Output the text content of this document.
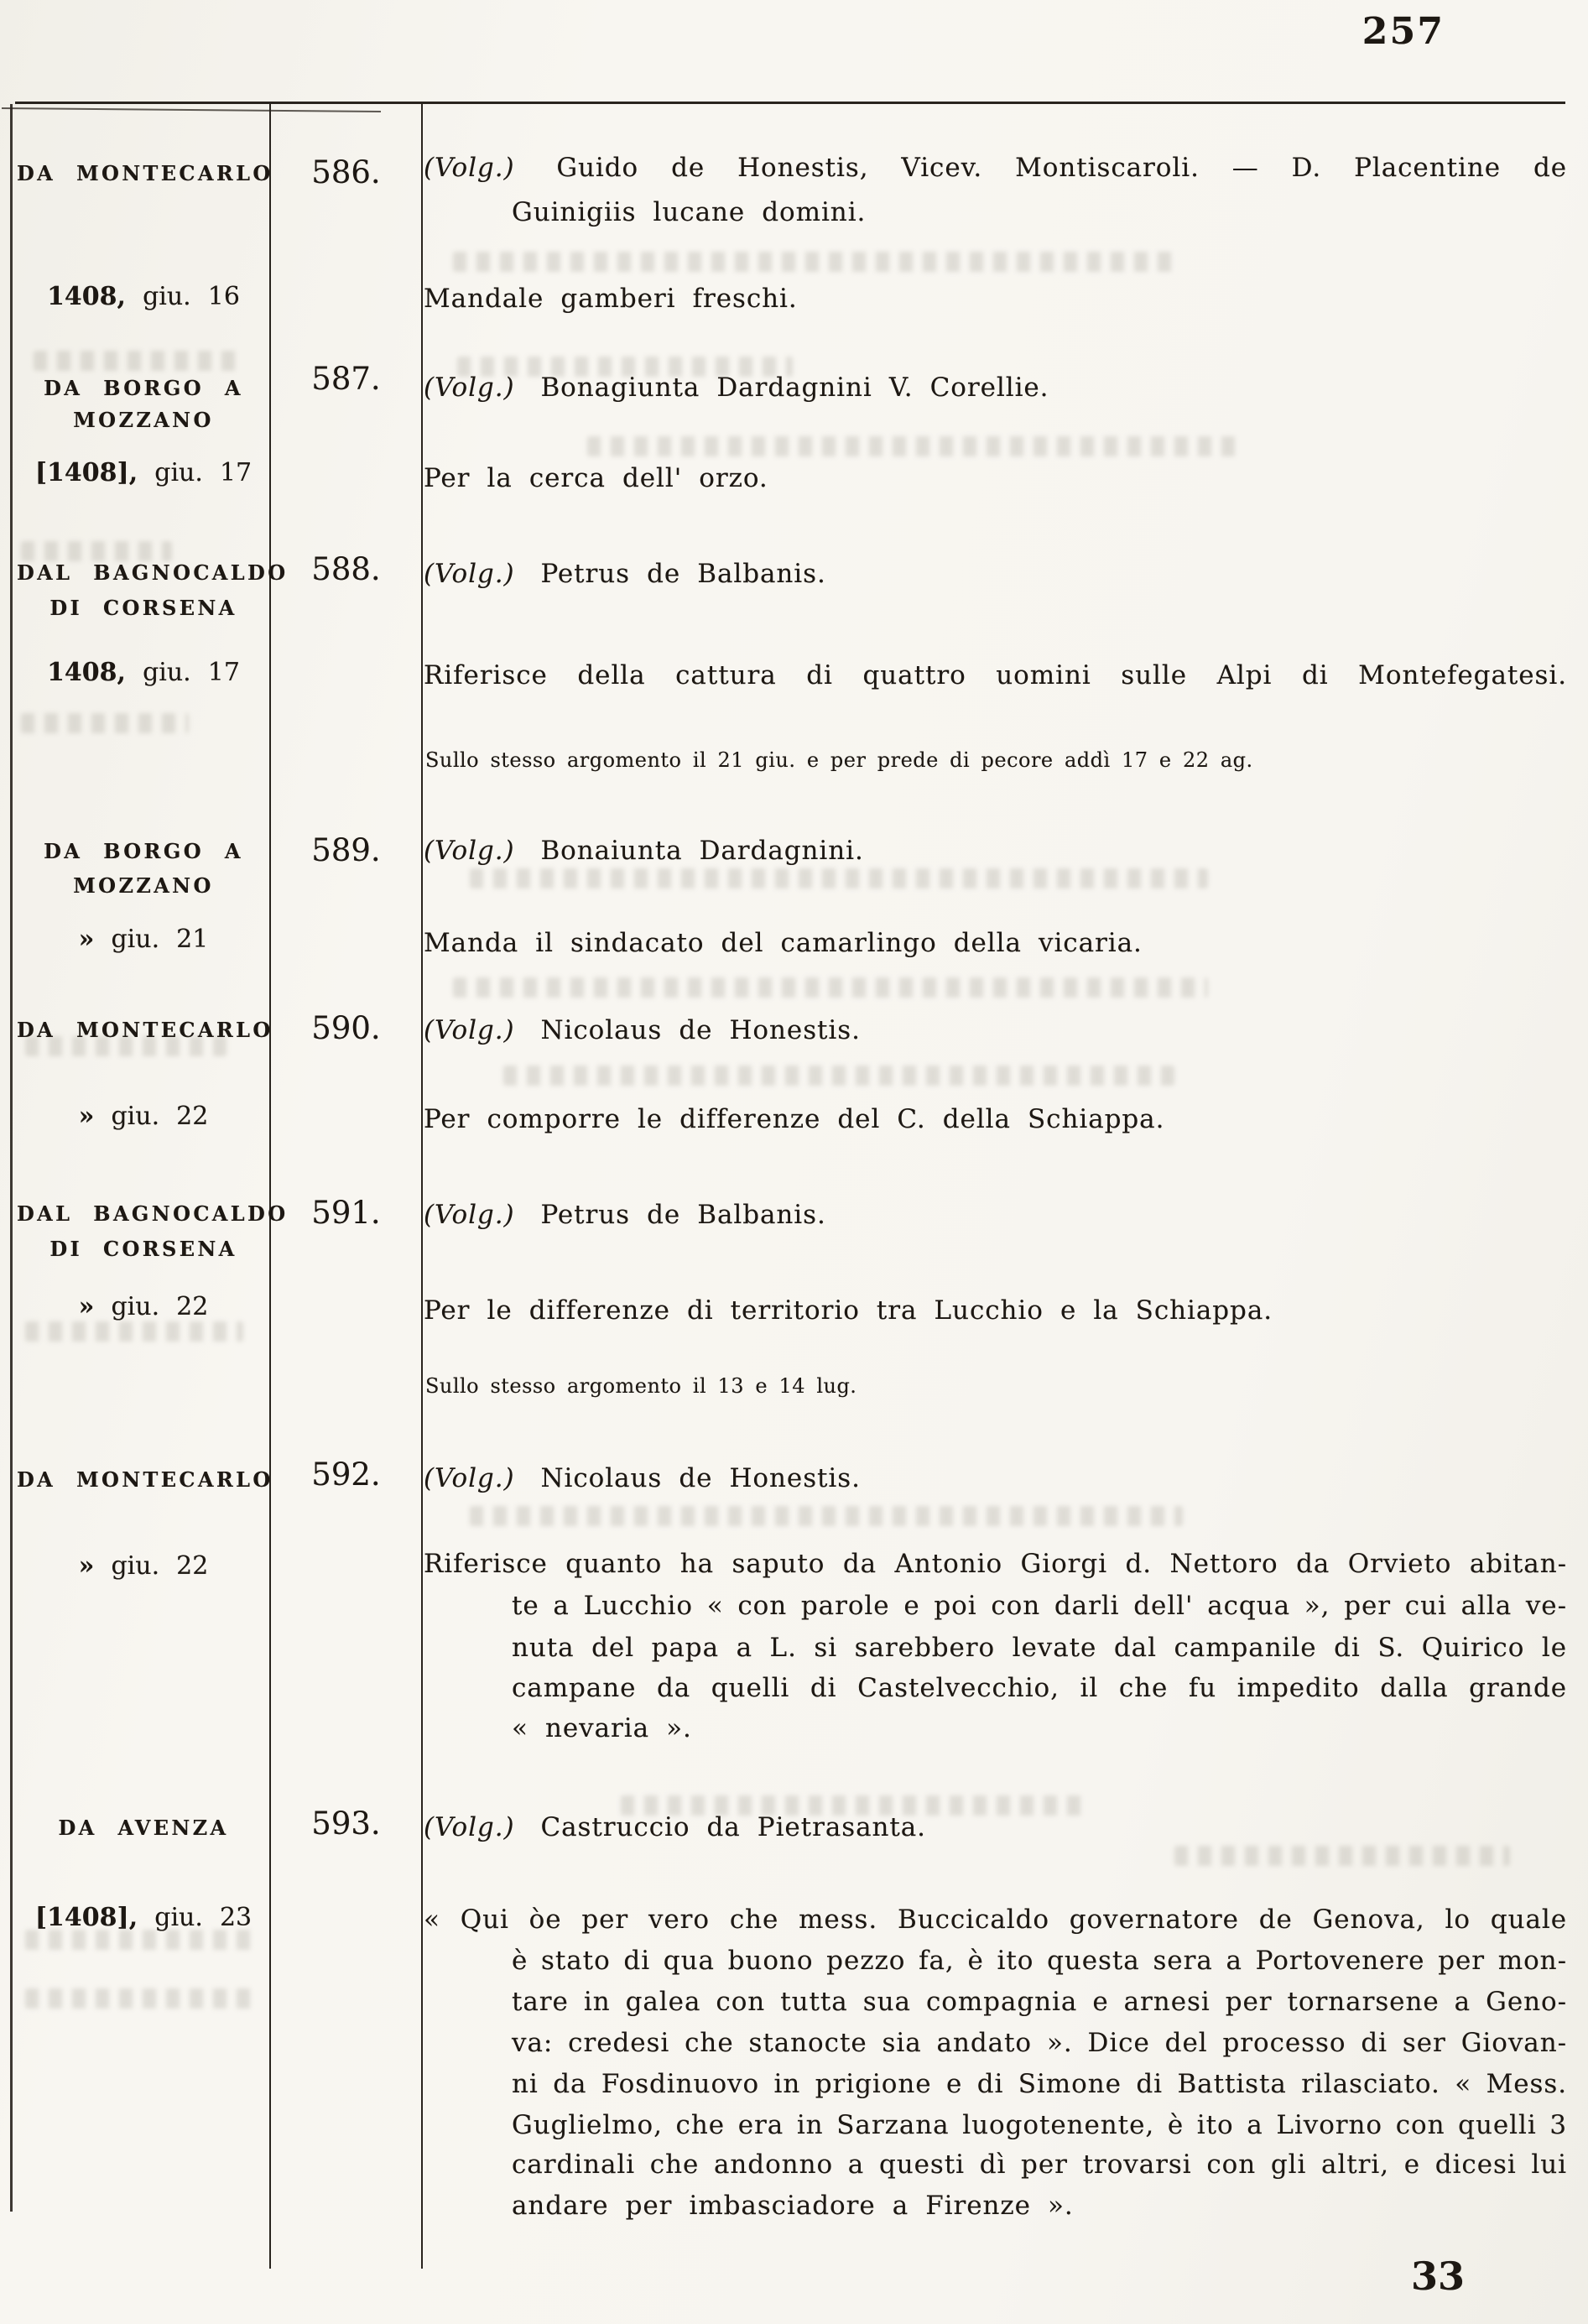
257
DA MONTECARLO	586.	(Volg.) Guido de Honestis, Vicev. Montiscaroli. — D. Placentine de
Guinigiis lucane domini.
1408, giu. 16	Mandale gamberi freschi.
DA BORGO A
MOZZANO
587.	(Volg.) Bonagiunta Dardagnini V. Corellie.
[1408], giu. 17	Per la cerca dell' orzo.
DAL BAGNOCALDO
DI CORSENA
588.	(Volg.) Petrus de Balbanis.
1408, giu. 17	Riferisce della cattura di quattro uomini sulle Alpi di Montefegatesi.
Sullo stesso argomento il 21 giu. e per prede di pecore addì 17 e 22 ag.
DA BORGO A
MOZZANO
589.	(Volg.) Bonaiunta Dardagnini.
» giu. 21	Manda il sindacato del camarlingo della vicaria.
DA MONTECARLO	590.	(Volg.) Nicolaus de Honestis.
» giu. 22	Per comporre le differenze del C. della Schiappa.
DAL BAGNOCALDO
DI CORSENA
591.	(Volg.) Petrus de Balbanis.
» giu. 22	Per le differenze di territorio tra Lucchio e la Schiappa.
Sullo stesso argomento il 13 e 14 lug.
DA MONTECARLO	592.	(Volg.) Nicolaus de Honestis.
» giu. 22	Riferisce quanto ha saputo da Antonio Giorgi d. Nettoro da Orvieto abitan-
te a Lucchio « con parole e poi con darli dell' acqua », per cui alla ve-
nuta del papa a L. si sarebbero levate dal campanile di S. Quirico le
campane da quelli di Castelvecchio, il che fu impedito dalla grande
« nevaria ».
DA AVENZA	593.	(Volg.) Castruccio da Pietrasanta.
[1408], giu. 23	« Qui òe per vero che mess. Buccicaldo governatore de Genova, lo quale
è stato di qua buono pezzo fa, è ito questa sera a Portovenere per mon-
tare in galea con tutta sua compagnia e arnesi per tornarsene a Geno-
va: credesi che stanocte sia andato ». Dice del processo di ser Giovan-
ni da Fosdinuovo in prigione e di Simone di Battista rilasciato. « Mess.
Guglielmo, che era in Sarzana luogotenente, è ito a Livorno con quelli 3
cardinali che andonno a questi dì per trovarsi con gli altri, e dicesi lui
andare per imbasciadore a Firenze ».
33
